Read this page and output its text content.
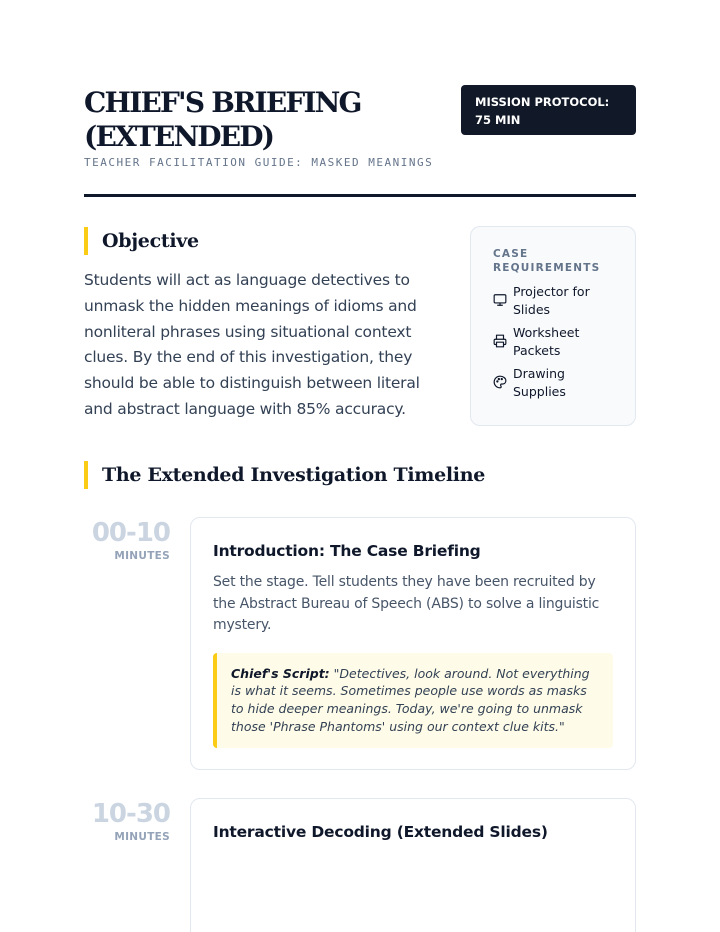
CHIEF'S BRIEFING
(EXTENDED)
TEACHER FACILITATION GUIDE: MASKED MEANINGS
MISSION PROTOCOL:
75 MIN
Objective
Students will act as language detectives to unmask the hidden meanings of idioms and nonliteral phrases using situational context clues. By the end of this investigation, they should be able to distinguish between literal and abstract language with 85% accuracy.
CASE
REQUIREMENTS
Projector for
Slides
Worksheet
Packets
Drawing
Supplies
The Extended Investigation Timeline
00-10
MINUTES	Introduction: The Case Briefing
Set the stage. Tell students they have been recruited by the Abstract Bureau of Speech (ABS) to solve a linguistic mystery.
Chief's Script: "Detectives, look around. Not everything is what it seems. Sometimes people use words as masks to hide deeper meanings. Today, we're going to unmask those 'Phrase Phantoms' using our context clue kits."
10-30
MINUTES	Interactive Decoding (Extended Slides)
